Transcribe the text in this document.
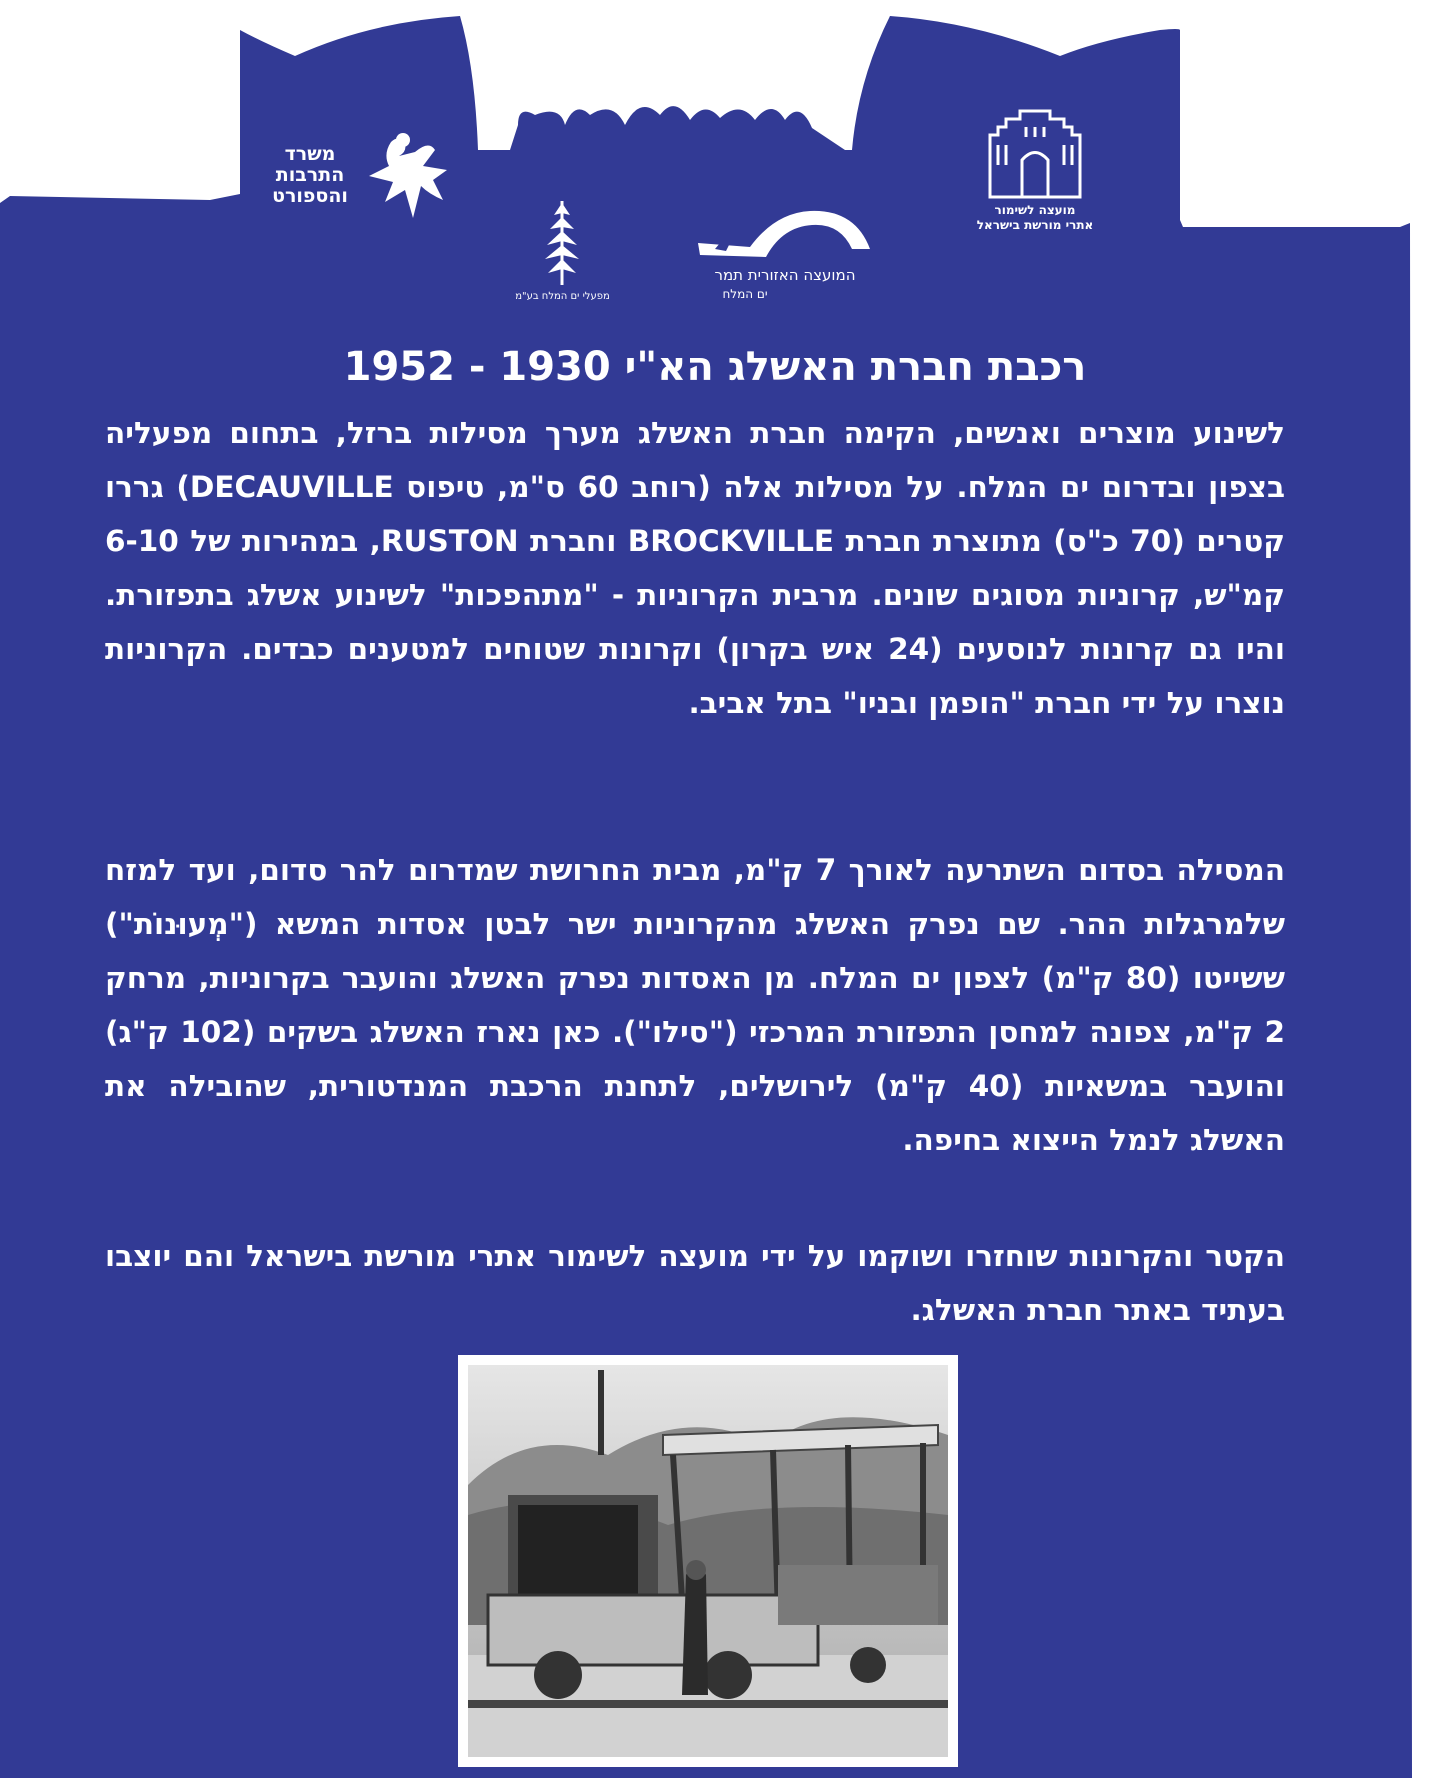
משרד
התרבות
והספורט
מפעלי ים המלח בע"מ
המועצה האזורית תמר
ים המלח
מועצה לשימור
אתרי מורשת בישראל
רכבת חברת האשלג הא"י 1930 - 1952

לשינוע מוצרים ואנשים, הקימה חברת האשלג מערך מסילות ברזל, בתחום מפעליה בצפון ובדרום ים המלח. על מסילות אלה (רוחב 60 ס"מ, טיפוס DECAUVILLE) גררו קטרים (70 כ"ס) מתוצרת חברת BROCKVILLE וחברת RUSTON, במהירות של 6-10 קמ"ש, קרוניות מסוגים שונים. מרבית הקרוניות - "מתהפכות" לשינוע אשלג בתפזורת. והיו גם קרונות לנוסעים (24 איש בקרון) וקרונות שטוחים למטענים כבדים. הקרוניות נוצרו על ידי חברת "הופמן ובניו" בתל אביב.

המסילה בסדום השתרעה לאורך 7 ק"מ, מבית החרושת שמדרום להר סדום, ועד למזח שלמרגלות ההר. שם נפרק האשלג מהקרוניות ישר לבטן אסדות המשא ("מְעוּנוֹת") ששייטו (80 ק"מ) לצפון ים המלח. מן האסדות נפרק האשלג והועבר בקרוניות, מרחק 2 ק"מ, צפונה למחסן התפזורת המרכזי ("סילו"). כאן נארז האשלג בשקים (102 ק"ג) והועבר במשאיות (40 ק"מ) לירושלים, לתחנת הרכבת המנדטורית, שהובילה את האשלג לנמל הייצוא בחיפה.

הקטר והקרונות שוחזרו ושוקמו על ידי מועצה לשימור אתרי מורשת בישראל והם יוצבו בעתיד באתר חברת האשלג.
